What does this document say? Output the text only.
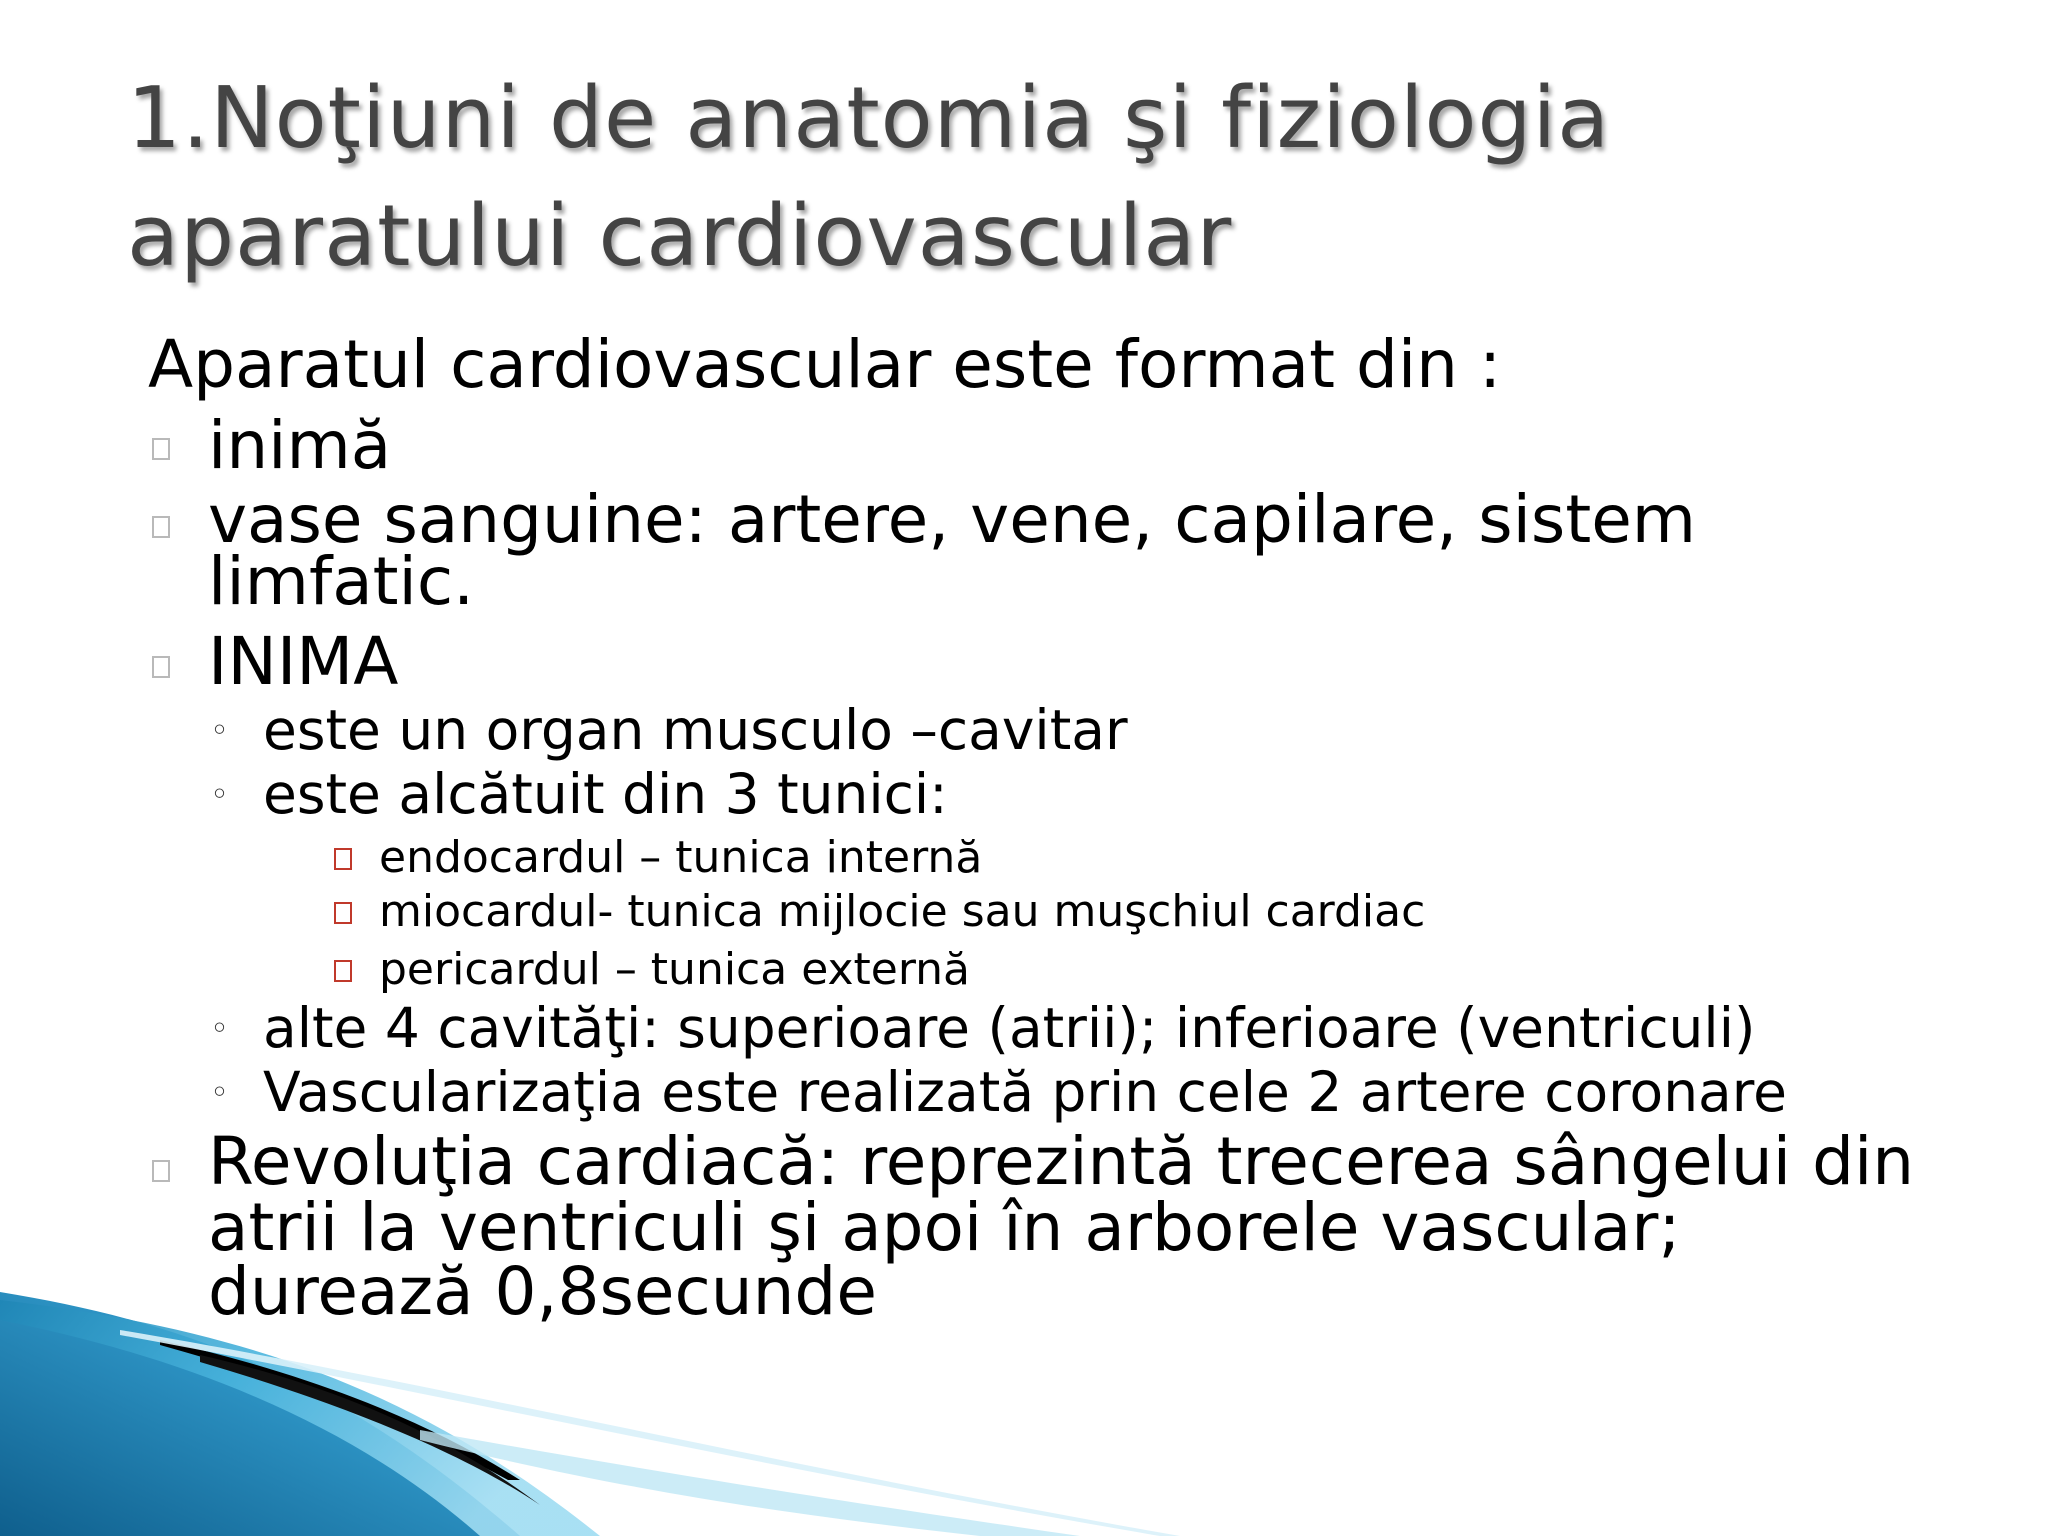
1.Noţiuni de anatomia şi fiziologia
aparatului cardiovascular
Aparatul cardiovascular este format din :
inimă
vase sanguine: artere, vene, capilare, sistem
limfatic.
INIMA
◦ este un organ musculo –cavitar
◦ este alcătuit din 3 tunici:
endocardul – tunica internă
miocardul- tunica mijlocie sau muşchiul cardiac
pericardul – tunica externă
◦ alte 4 cavităţi: superioare (atrii); inferioare (ventriculi)
◦ Vascularizaţia este realizată prin cele 2 artere coronare
Revoluţia cardiacă: reprezintă trecerea sângelui din
atrii la ventriculi şi apoi în arborele vascular;
durează 0,8secunde
